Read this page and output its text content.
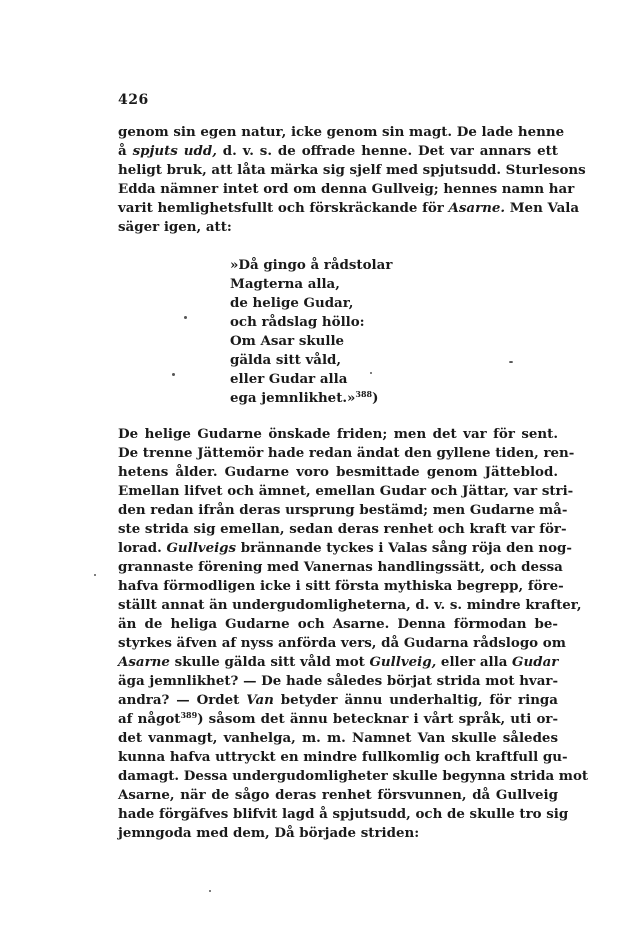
426
genom sin egen natur, icke genom sin magt. De lade henne
å spjuts udd, d. v. s. de offrade henne. Det var annars ett
heligt bruk, att låta märka sig sjelf med spjutsudd. Sturlesons
Edda nämner intet ord om denna Gullveig; hennes namn har
varit hemlighetsfullt och förskräckande för Asarne. Men Vala
säger igen, att:
»Då gingo å rådstolar
Magterna alla,
de helige Gudar,
och rådslag höllo:
Om Asar skulle
gälda sitt våld,
eller Gudar alla
ega jemnlikhet.»$^{388}$)
De helige Gudarne önskade friden; men det var för sent.
De trenne Jättemör hade redan ändat den gyllene tiden, ren-
hetens ålder. Gudarne voro besmittade genom Jätteblod.
Emellan lifvet och ämnet, emellan Gudar och Jättar, var stri-
den redan ifrån deras ursprung bestämd; men Gudarne må-
ste strida sig emellan, sedan deras renhet och kraft var för-
lorad. Gullveigs brännande tyckes i Valas sång röja den nog-
grannaste förening med Vanernas handlingssätt, och dessa
hafva förmodligen icke i sitt första mythiska begrepp, före-
ställt annat än undergudomligheterna, d. v. s. mindre krafter,
än de heliga Gudarne och Asarne. Denna förmodan be-
styrkes äfven af nyss anförda vers, då Gudarna rådslogo om
Asarne skulle gälda sitt våld mot Gullveig, eller alla Gudar
äga jemnlikhet? — De hade således börjat strida mot hvar-
andra? — Ordet Van betyder ännu underhaltig, för ringa
af något$^{389}$) såsom det ännu betecknar i vårt språk, uti or-
det vanmagt, vanhelga, m. m. Namnet Van skulle således
kunna hafva uttryckt en mindre fullkomlig och kraftfull gu-
damagt. Dessa undergudomligheter skulle begynna strida mot
Asarne, när de sågo deras renhet försvunnen, då Gullveig
hade förgäfves blifvit lagd å spjutsudd, och de skulle tro sig
jemngoda med dem, Då började striden:
